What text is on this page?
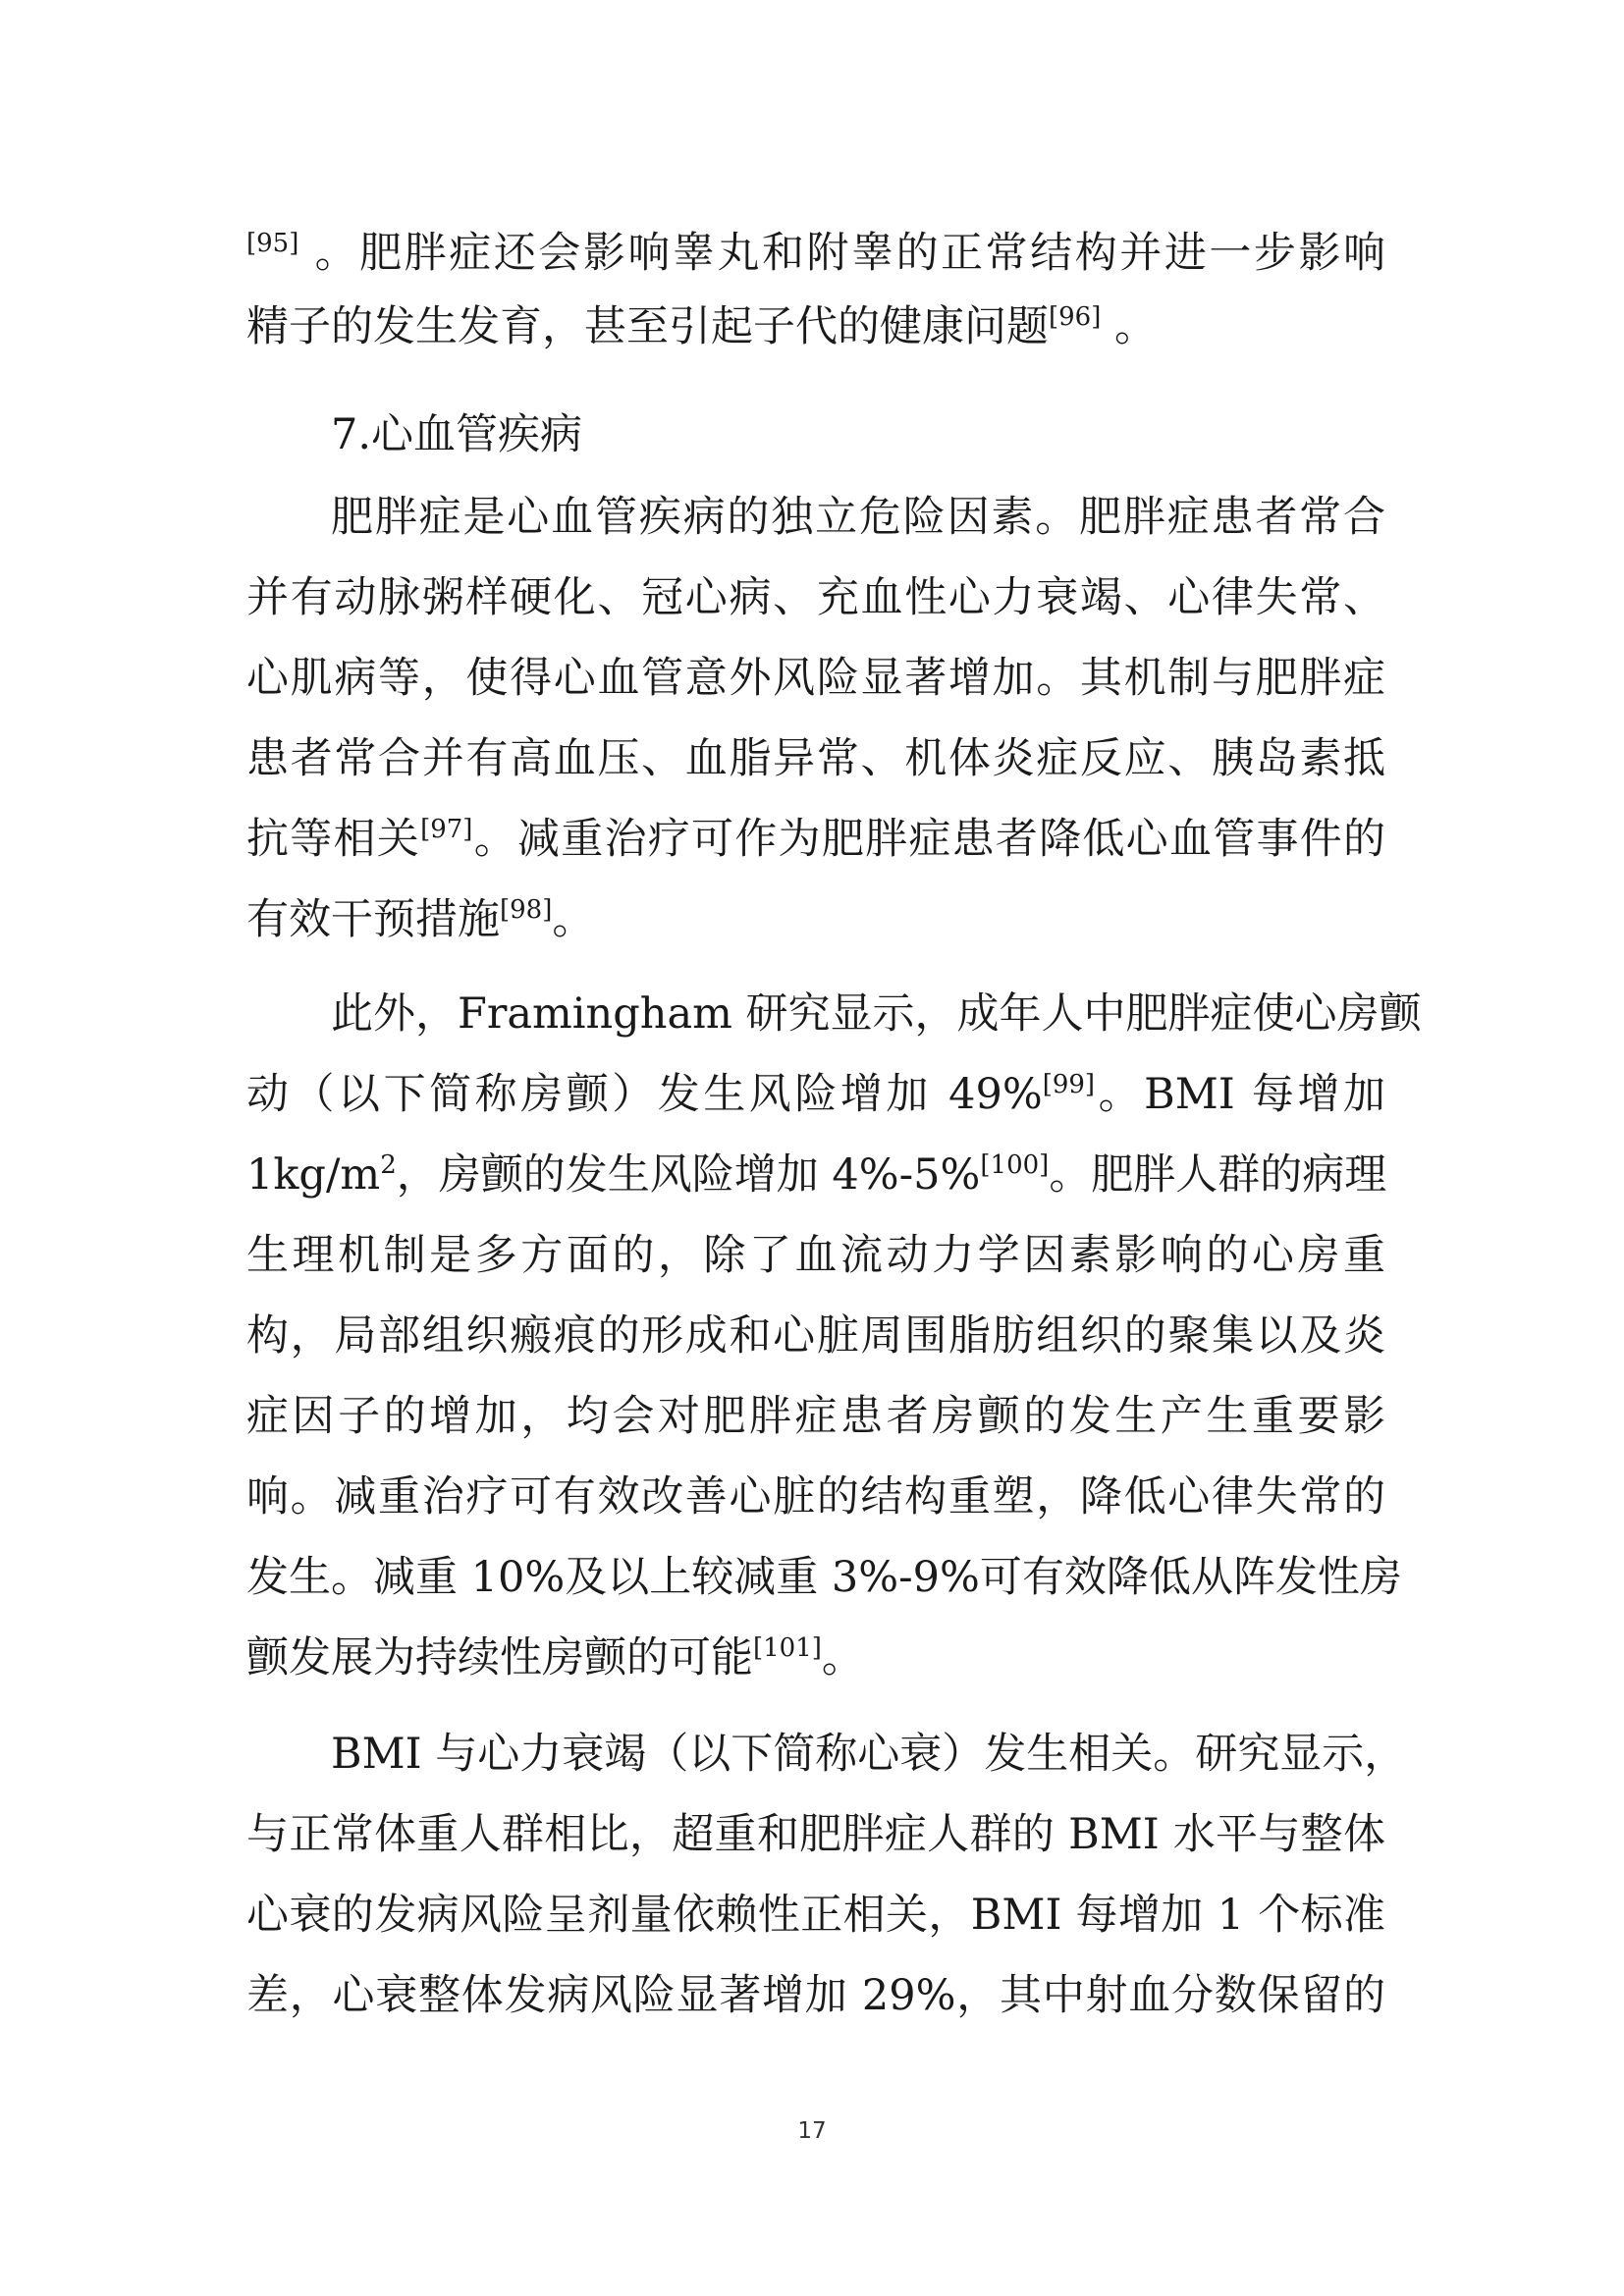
[95] 。肥胖症还会影响睾丸和附睾的正常结构并进一步影响
精子的发生发育，甚至引起子代的健康问题[96] 。
7.心血管疾病
肥胖症是心血管疾病的独立危险因素。肥胖症患者常合
并有动脉粥样硬化、冠心病、充血性心力衰竭、心律失常、
心肌病等，使得心血管意外风险显著增加。其机制与肥胖症
患者常合并有高血压、血脂异常、机体炎症反应、胰岛素抵
抗等相关[97]。减重治疗可作为肥胖症患者降低心血管事件的
有效干预措施[98]。
此外，Framingham 研究显示，成年人中肥胖症使心房颤
动（以下简称房颤）发生风险增加 49%[99]。BMI 每增加
$1kg/m^2$，房颤的发生风险增加 4%-5%[100]。肥胖人群的病理
生理机制是多方面的，除了血流动力学因素影响的心房重
构，局部组织瘢痕的形成和心脏周围脂肪组织的聚集以及炎
症因子的增加，均会对肥胖症患者房颤的发生产生重要影
响。减重治疗可有效改善心脏的结构重塑，降低心律失常的
发生。减重 10%及以上较减重 3%-9%可有效降低从阵发性房
颤发展为持续性房颤的可能[101]。
BMI 与心力衰竭（以下简称心衰）发生相关。研究显示，
与正常体重人群相比，超重和肥胖症人群的 BMI 水平与整体
心衰的发病风险呈剂量依赖性正相关，BMI 每增加 1 个标准
差，心衰整体发病风险显著增加 29%，其中射血分数保留的
17
